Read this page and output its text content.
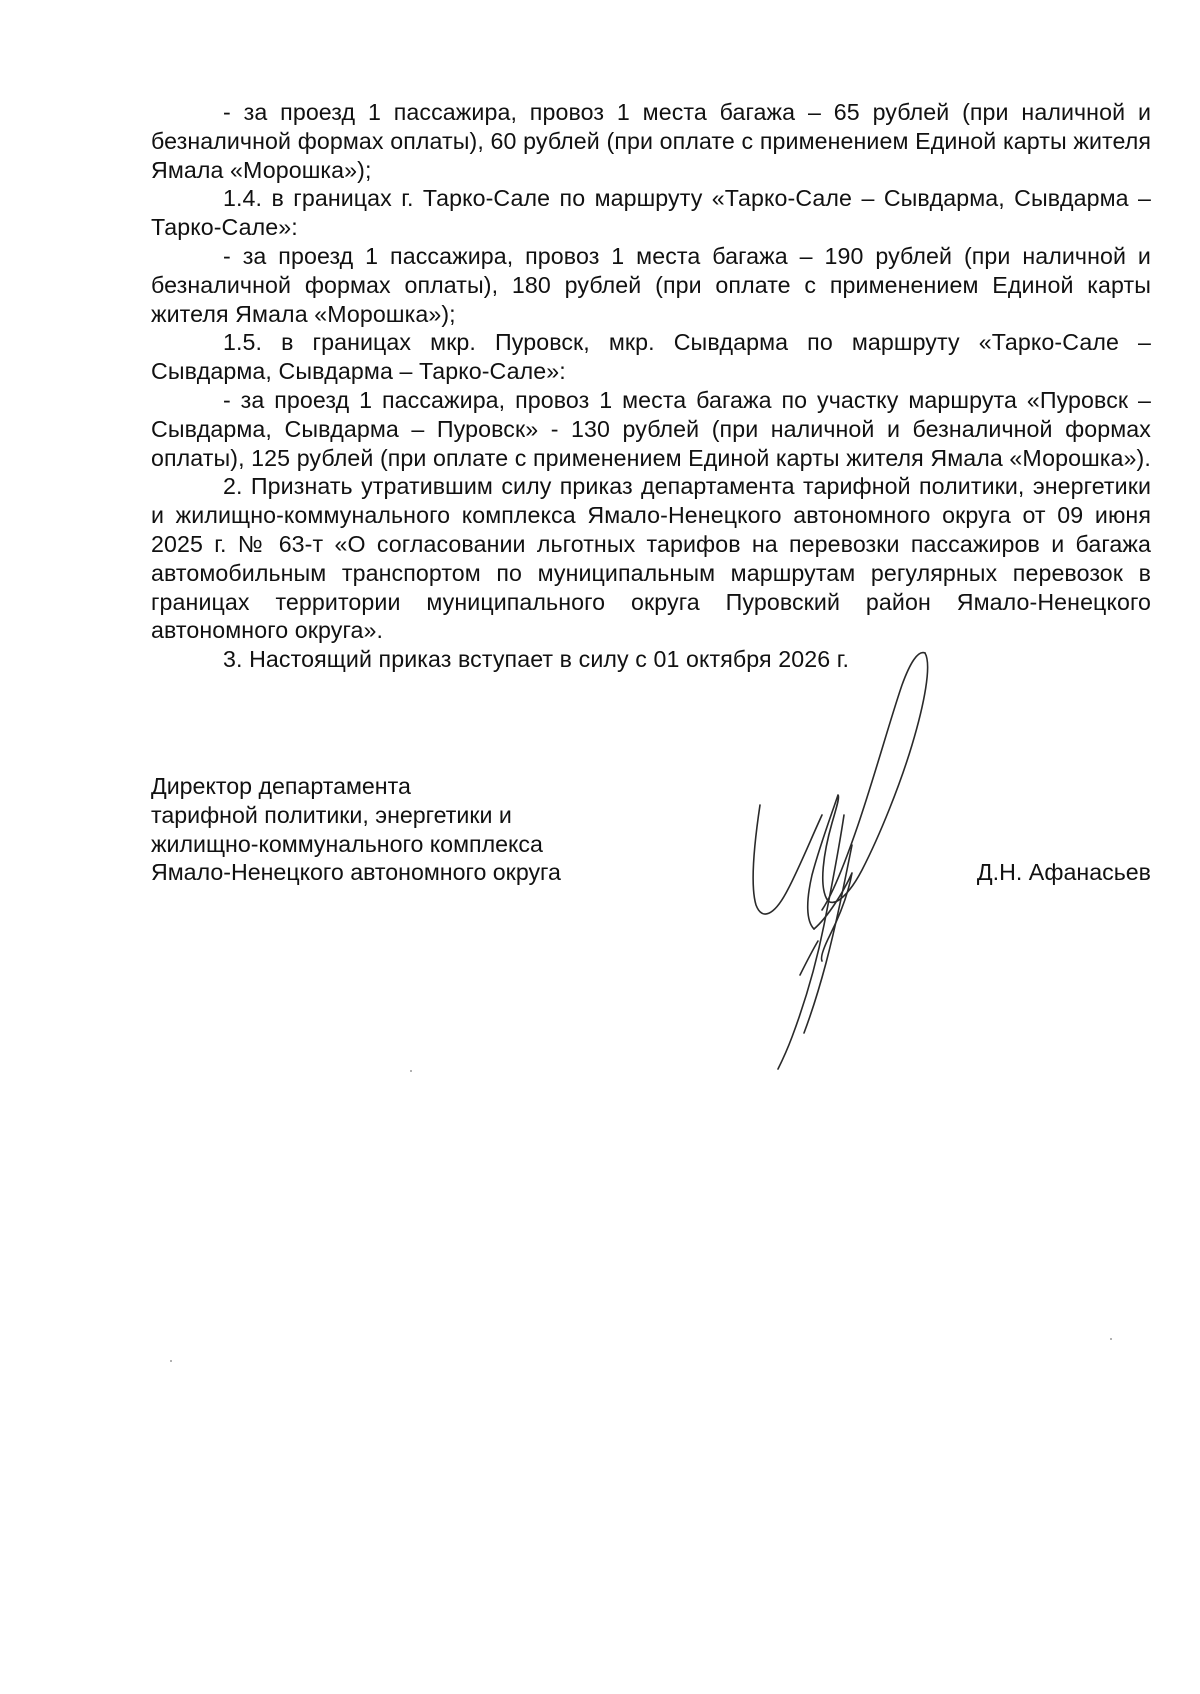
- за проезд 1 пассажира, провоз 1 места багажа – 65 рублей (при наличной и безналичной формах оплаты), 60 рублей (при оплате с применением Единой карты жителя Ямала «Морошка»);

1.4. в границах г. Тарко-Сале по маршруту «Тарко-Сале – Сывдарма, Сывдарма – Тарко-Сале»:

- за проезд 1 пассажира, провоз 1 места багажа – 190 рублей (при наличной и безналичной формах оплаты), 180 рублей (при оплате с применением Единой карты жителя Ямала «Морошка»);

1.5. в границах мкр. Пуровск, мкр. Сывдарма по маршруту «Тарко-Сале – Сывдарма, Сывдарма – Тарко-Сале»:

- за проезд 1 пассажира, провоз 1 места багажа по участку маршрута «Пуровск – Сывдарма, Сывдарма – Пуровск» - 130 рублей (при наличной и безналичной формах оплаты), 125 рублей (при оплате с применением Единой карты жителя Ямала «Морошка»).

2. Признать утратившим силу приказ департамента тарифной политики, энергетики и жилищно-коммунального комплекса Ямало-Ненецкого автономного округа от 09 июня 2025 г. № 63-т «О согласовании льготных тарифов на перевозки пассажиров и багажа автомобильным транспортом по муниципальным маршрутам регулярных перевозок в границах территории муниципального округа Пуровский район Ямало-Ненецкого автономного округа».

3. Настоящий приказ вступает в силу с 01 октября 2026 г.

Директор департамента
тарифной политики, энергетики и
жилищно-коммунального комплекса
Ямало-Ненецкого автономного округа	Д.Н. Афанасьев
